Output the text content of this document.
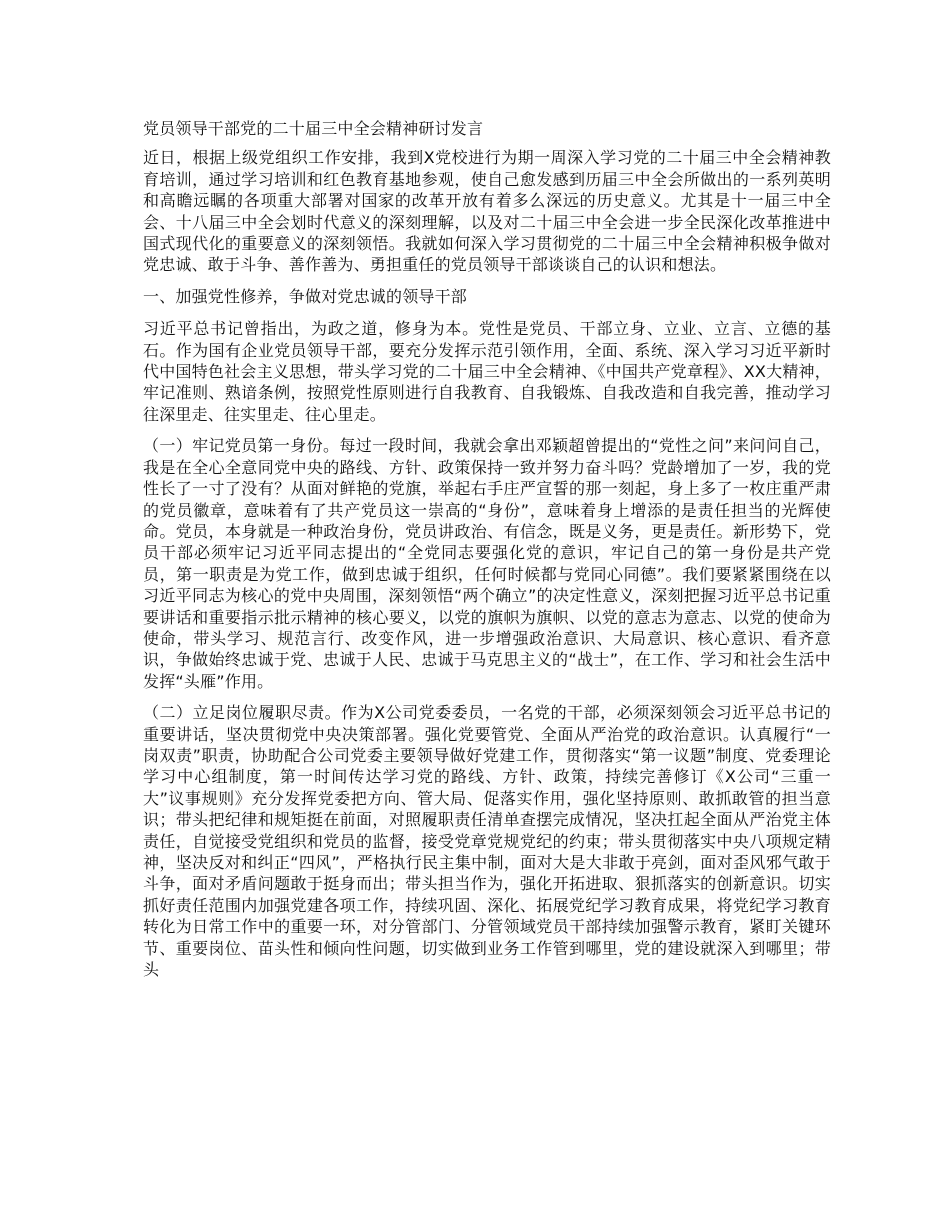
党员领导干部党的二十届三中全会精神研讨发言

近日，根据上级党组织工作安排，我到X党校进行为期一周深入学习党的二十届三中全会精神教育培训，通过学习培训和红色教育基地参观，使自己愈发感到历届三中全会所做出的一系列英明和高瞻远瞩的各项重大部署对国家的改革开放有着多么深远的历史意义。尤其是十一届三中全会、十八届三中全会划时代意义的深刻理解，以及对二十届三中全会进一步全民深化改革推进中国式现代化的重要意义的深刻领悟。我就如何深入学习贯彻党的二十届三中全会精神积极争做对党忠诚、敢于斗争、善作善为、勇担重任的党员领导干部谈谈自己的认识和想法。

一、加强党性修养，争做对党忠诚的领导干部

习近平总书记曾指出，为政之道，修身为本。党性是党员、干部立身、立业、立言、立德的基石。作为国有企业党员领导干部，要充分发挥示范引领作用，全面、系统、深入学习习近平新时代中国特色社会主义思想，带头学习党的二十届三中全会精神、《中国共产党章程》、XX大精神，牢记准则、熟谙条例，按照党性原则进行自我教育、自我锻炼、自我改造和自我完善，推动学习往深里走、往实里走、往心里走。

（一）牢记党员第一身份。每过一段时间，我就会拿出邓颖超曾提出的“党性之问”来问问自己，我是在全心全意同党中央的路线、方针、政策保持一致并努力奋斗吗？党龄增加了一岁，我的党性长了一寸了没有？从面对鲜艳的党旗，举起右手庄严宣誓的那一刻起，身上多了一枚庄重严肃的党员徽章，意味着有了共产党员这一崇高的“身份”，意味着身上增添的是责任担当的光辉使命。党员，本身就是一种政治身份，党员讲政治、有信念，既是义务，更是责任。新形势下，党员干部必须牢记习近平同志提出的“全党同志要强化党的意识，牢记自己的第一身份是共产党员，第一职责是为党工作，做到忠诚于组织，任何时候都与党同心同德”。我们要紧紧围绕在以习近平同志为核心的党中央周围，深刻领悟“两个确立”的决定性意义，深刻把握习近平总书记重要讲话和重要指示批示精神的核心要义，以党的旗帜为旗帜、以党的意志为意志、以党的使命为使命，带头学习、规范言行、改变作风，进一步增强政治意识、大局意识、核心意识、看齐意识，争做始终忠诚于党、忠诚于人民、忠诚于马克思主义的“战士”，在工作、学习和社会生活中发挥“头雁”作用。

（二）立足岗位履职尽责。作为X公司党委委员，一名党的干部，必须深刻领会习近平总书记的重要讲话，坚决贯彻党中央决策部署。强化党要管党、全面从严治党的政治意识。认真履行“一岗双责”职责，协助配合公司党委主要领导做好党建工作，贯彻落实“第一议题”制度、党委理论学习中心组制度，第一时间传达学习党的路线、方针、政策，持续完善修订《X公司“三重一大”议事规则》充分发挥党委把方向、管大局、促落实作用，强化坚持原则、敢抓敢管的担当意识；带头把纪律和规矩挺在前面，对照履职责任清单查摆完成情况，坚决扛起全面从严治党主体责任，自觉接受党组织和党员的监督，接受党章党规党纪的约束；带头贯彻落实中央八项规定精神，坚决反对和纠正“四风”，严格执行民主集中制，面对大是大非敢于亮剑，面对歪风邪气敢于斗争，面对矛盾问题敢于挺身而出；带头担当作为，强化开拓进取、狠抓落实的创新意识。切实抓好责任范围内加强党建各项工作，持续巩固、深化、拓展党纪学习教育成果，将党纪学习教育转化为日常工作中的重要一环，对分管部门、分管领域党员干部持续加强警示教育，紧盯关键环节、重要岗位、苗头性和倾向性问题，切实做到业务工作管到哪里，党的建设就深入到哪里；带头
